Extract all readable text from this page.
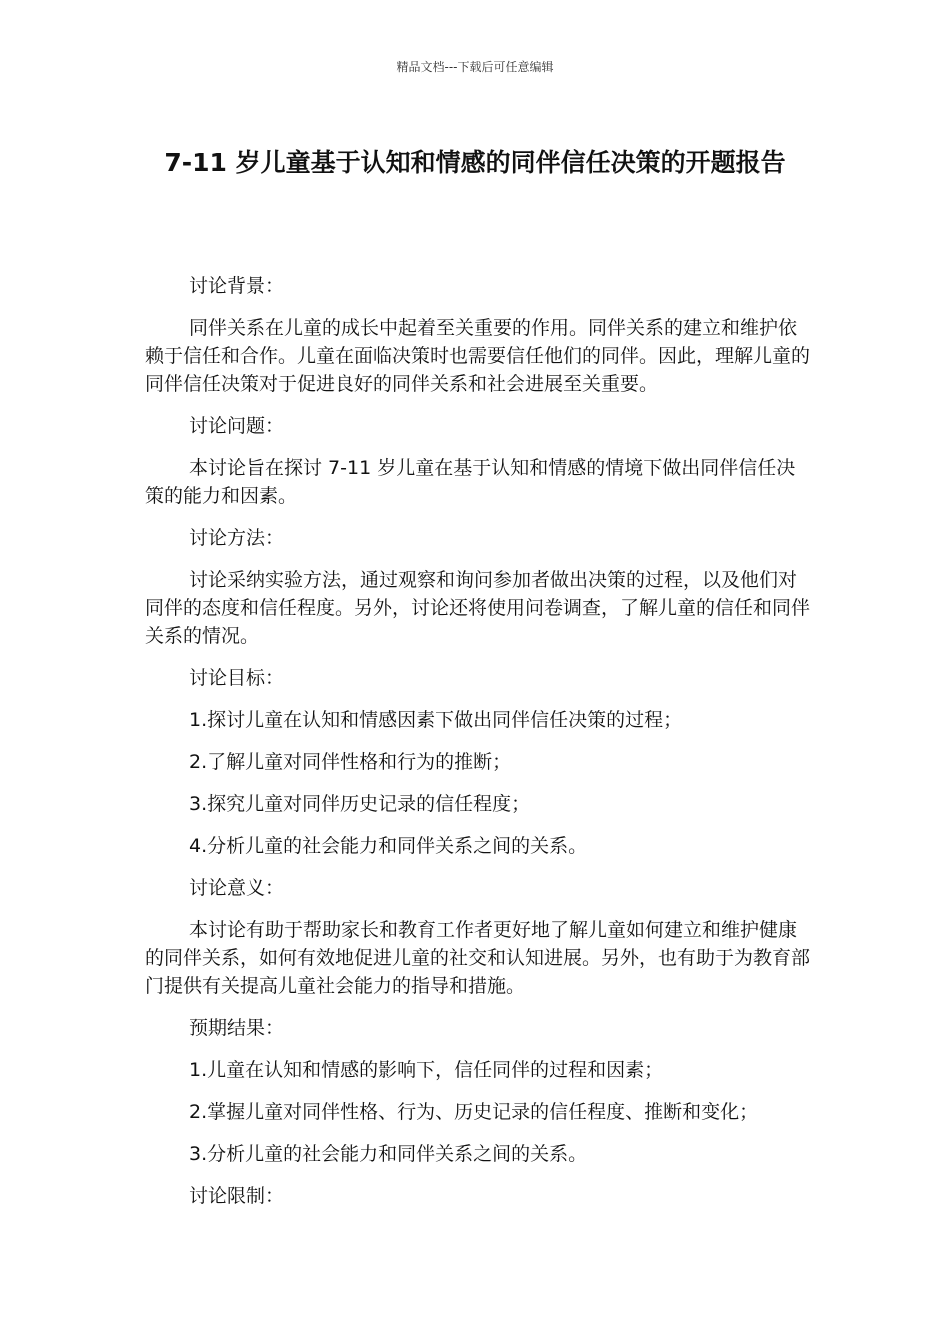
精品文档---下载后可任意编辑
7-11 岁儿童基于认知和情感的同伴信任决策的开题报告

讨论背景：

同伴关系在儿童的成长中起着至关重要的作用。同伴关系的建立和维护依赖于信任和合作。儿童在面临决策时也需要信任他们的同伴。因此，理解儿童的同伴信任决策对于促进良好的同伴关系和社会进展至关重要。

讨论问题：

本讨论旨在探讨 7-11 岁儿童在基于认知和情感的情境下做出同伴信任决策的能力和因素。

讨论方法：

讨论采纳实验方法，通过观察和询问参加者做出决策的过程，以及他们对同伴的态度和信任程度。另外，讨论还将使用问卷调查，了解儿童的信任和同伴关系的情况。

讨论目标：

1.探讨儿童在认知和情感因素下做出同伴信任决策的过程；

2.了解儿童对同伴性格和行为的推断；

3.探究儿童对同伴历史记录的信任程度；

4.分析儿童的社会能力和同伴关系之间的关系。

讨论意义：

本讨论有助于帮助家长和教育工作者更好地了解儿童如何建立和维护健康的同伴关系，如何有效地促进儿童的社交和认知进展。另外，也有助于为教育部门提供有关提高儿童社会能力的指导和措施。

预期结果：

1.儿童在认知和情感的影响下，信任同伴的过程和因素；

2.掌握儿童对同伴性格、行为、历史记录的信任程度、推断和变化；

3.分析儿童的社会能力和同伴关系之间的关系。

讨论限制：
